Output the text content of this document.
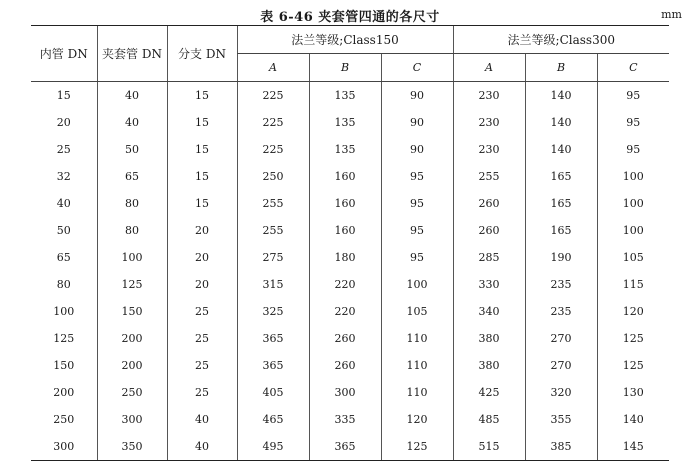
表 6-46 夹套管四通的各尺寸	mm
内管 DN	夹套管 DN	分支 DN	法兰等级;Class150			法兰等级;Class300		
			A	B	C	A	B	C
15	40	15	225	135	90	230	140	95
20	40	15	225	135	90	230	140	95
25	50	15	225	135	90	230	140	95
32	65	15	250	160	95	255	165	100
40	80	15	255	160	95	260	165	100
50	80	20	255	160	95	260	165	100
65	100	20	275	180	95	285	190	105
80	125	20	315	220	100	330	235	115
100	150	25	325	220	105	340	235	120
125	200	25	365	260	110	380	270	125
150	200	25	365	260	110	380	270	125
200	250	25	405	300	110	425	320	130
250	300	40	465	335	120	485	355	140
300	350	40	495	365	125	515	385	145
